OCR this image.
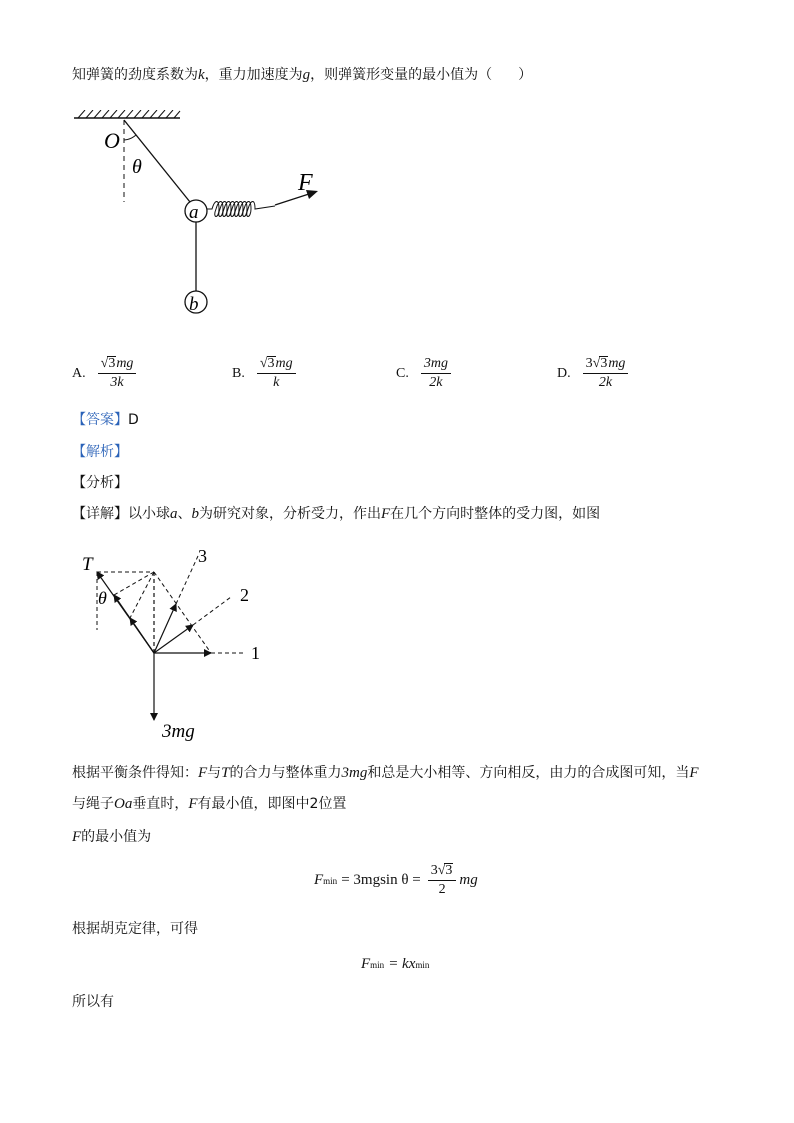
知弹簧的劲度系数为k，重力加速度为g，则弹簧形变量的最小值为（ ）
O
θ
a
F
b
A. $\frac{√3mg}{3k}$	B. $\frac{√3mg}{k}$	C. $\frac{3mg}{2k}$	D. $\frac{3√3mg}{2k}$
【答案】D
【解析】
【分析】
【详解】以小球a、b为研究对象，分析受力，作出F在几个方向时整体的受力图，如图
T
θ
1
2
3
3mg
根据平衡条件得知：F与T的合力与整体重力3mg和总是大小相等、方向相反，由力的合成图可知，当F
与绳子Oa垂直时，F有最小值，即图中2位置
F的最小值为
F min = 3mgsin $\theta = \frac{3√3}{2}$ mg
根据胡克定律，可得
F min = kx min
所以有
